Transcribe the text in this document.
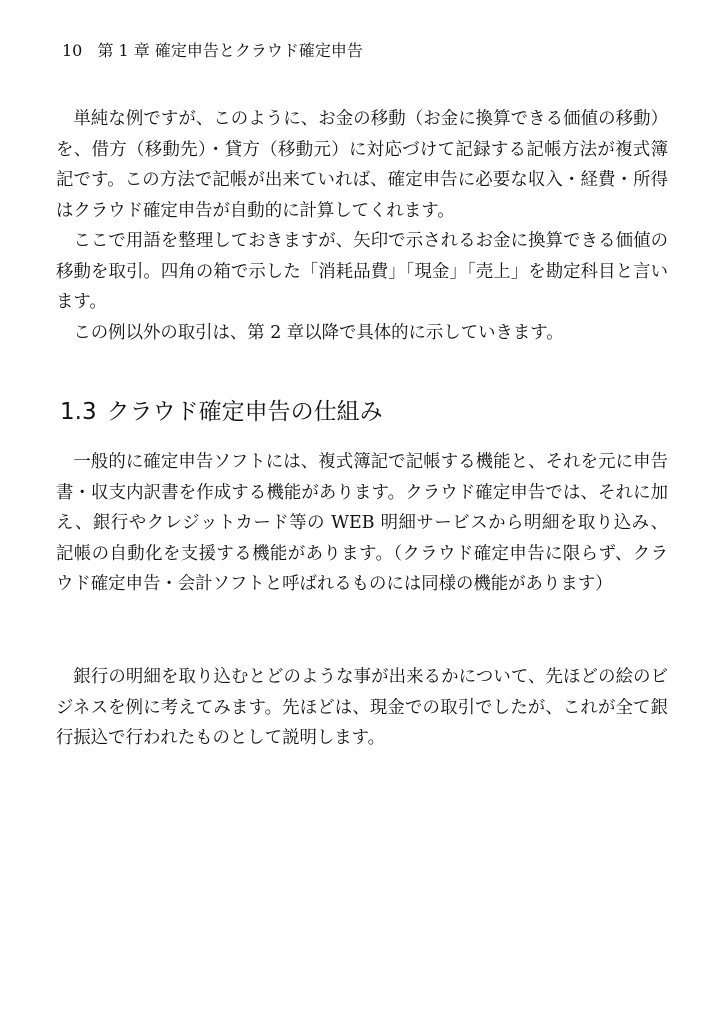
10 第 1 章 確定申告とクラウド確定申告

単純な例ですが、このように、お金の移動（お金に換算できる価値の移動）を、借方（移動先）・貸方（移動元）に対応づけて記録する記帳方法が複式簿記です。この方法で記帳が出来ていれば、確定申告に必要な収入・経費・所得はクラウド確定申告が自動的に計算してくれます。

ここで用語を整理しておきますが、矢印で示されるお金に換算できる価値の移動を取引。四角の箱で示した「消耗品費」「現金」「売上」を勘定科目と言います。

この例以外の取引は、第 2 章以降で具体的に示していきます。

1.3 クラウド確定申告の仕組み

一般的に確定申告ソフトには、複式簿記で記帳する機能と、それを元に申告書・収支内訳書を作成する機能があります。クラウド確定申告では、それに加え、銀行やクレジットカード等の WEB 明細サービスから明細を取り込み、記帳の自動化を支援する機能があります。（クラウド確定申告に限らず、クラウド確定申告・会計ソフトと呼ばれるものには同様の機能があります）

銀行の明細を取り込むとどのような事が出来るかについて、先ほどの絵のビジネスを例に考えてみます。先ほどは、現金での取引でしたが、これが全て銀行振込で行われたものとして説明します。
